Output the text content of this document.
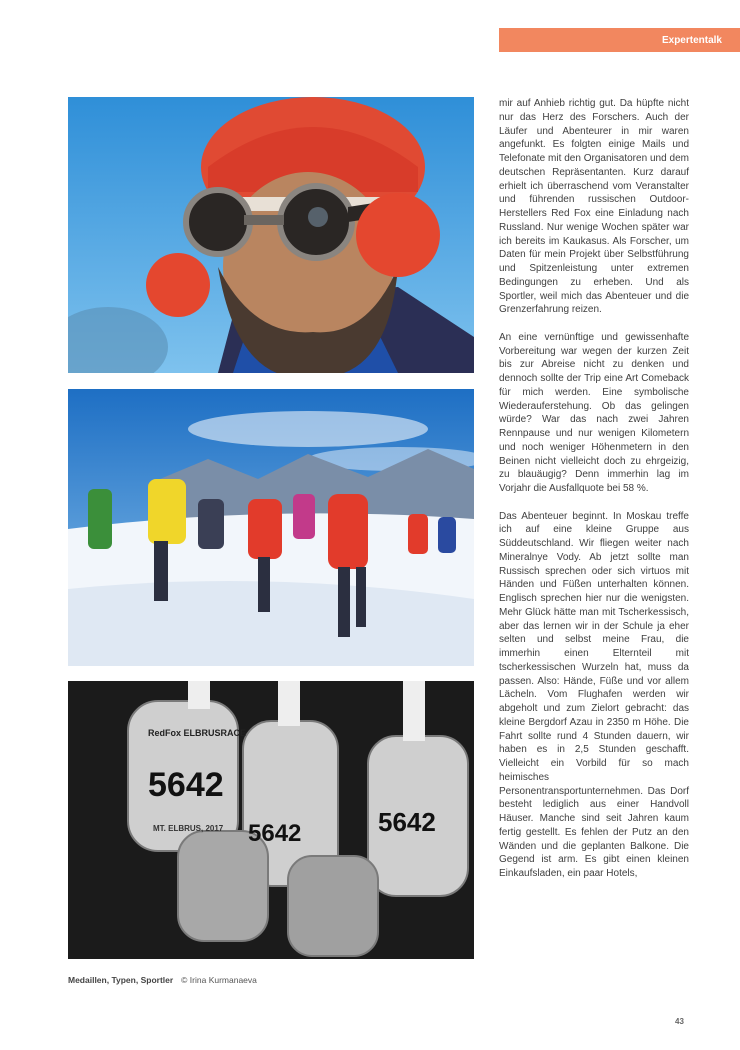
Expertentalk
RedFox ELBRUSRACE
5642
5642	5642
MT. ELBRUS, 2017
Medaillen, Typen, Sportler © Irina Kurmanaeva

mir auf Anhieb richtig gut. Da hüpfte nicht nur das Herz des Forschers. Auch der Läufer und Abenteurer in mir waren angefunkt. Es folgten einige Mails und Telefonate mit den Organisatoren und dem deutschen Repräsentanten. Kurz darauf erhielt ich überraschend vom Veranstalter und führenden russischen Outdoor-Herstellers Red Fox eine Einladung nach Russland. Nur wenige Wochen später war ich bereits im Kaukasus. Als Forscher, um Daten für mein Projekt über Selbstführung und Spitzenleistung unter extremen Bedingungen zu erheben. Und als Sportler, weil mich das Abenteuer und die Grenzerfahrung reizen.

An eine vernünftige und gewissenhafte Vorbereitung war wegen der kurzen Zeit bis zur Abreise nicht zu denken und dennoch sollte der Trip eine Art Comeback für mich werden. Eine symbolische Wiederauferstehung. Ob das gelingen würde? War das nach zwei Jahren Rennpause und nur wenigen Kilometern und noch weniger Höhenmetern in den Beinen nicht vielleicht doch zu ehrgeizig, zu blauäugig? Denn immerhin lag im Vorjahr die Ausfallquote bei 58 %.

Das Abenteuer beginnt. In Moskau treffe ich auf eine kleine Gruppe aus Süddeutschland. Wir fliegen weiter nach Mineralnye Vody. Ab jetzt sollte man Russisch sprechen oder sich virtuos mit Händen und Füßen unterhalten können. Englisch sprechen hier nur die wenigsten. Mehr Glück hätte man mit Tscherkessisch, aber das lernen wir in der Schule ja eher selten und selbst meine Frau, die immerhin einen Elternteil mit tscherkessischen Wurzeln hat, muss da passen. Also: Hände, Füße und vor allem Lächeln. Vom Flughafen werden wir abgeholt und zum Zielort gebracht: das kleine Bergdorf Azau in 2350 m Höhe. Die Fahrt sollte rund 4 Stunden dauern, wir haben es in 2,5 Stunden geschafft. Vielleicht ein Vorbild für so mach heimisches Personentransportunternehmen. Das Dorf besteht lediglich aus einer Handvoll Häuser. Manche sind seit Jahren kaum fertig gestellt. Es fehlen der Putz an den Wänden und die geplanten Balkone. Die Gegend ist arm. Es gibt einen kleinen Einkaufsladen, ein paar Hotels,

43
